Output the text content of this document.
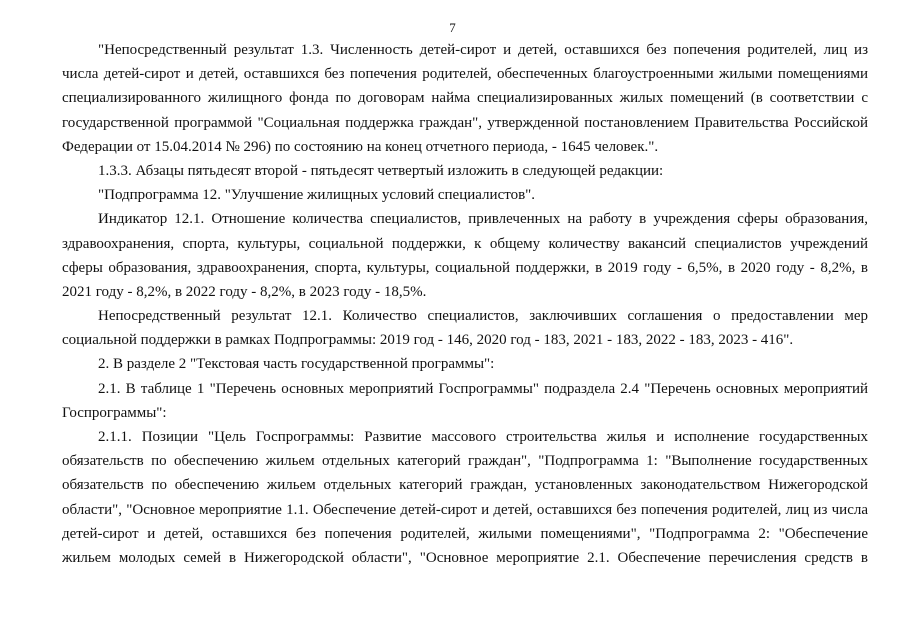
7
"Непосредственный результат 1.3. Численность детей-сирот и детей, оставшихся без попечения родителей, лиц из
числа детей-сирот и детей, оставшихся без попечения родителей, обеспеченных благоустроенными жилыми помещениями
специализированного жилищного фонда по договорам найма специализированных жилых помещений (в соответствии с
государственной программой "Социальная поддержка граждан", утвержденной постановлением Правительства Российской
Федерации от 15.04.2014 № 296) по состоянию на конец отчетного периода, - 1645 человек.".
1.3.3. Абзацы пятьдесят второй - пятьдесят четвертый изложить в следующей редакции:
"Подпрограмма 12. "Улучшение жилищных условий специалистов".
Индикатор 12.1. Отношение количества специалистов, привлеченных на работу в учреждения сферы образования,
здравоохранения, спорта, культуры, социальной поддержки, к общему количеству вакансий специалистов учреждений
сферы образования, здравоохранения, спорта, культуры, социальной поддержки, в 2019 году - 6,5%, в 2020 году - 8,2%, в
2021 году - 8,2%, в 2022 году - 8,2%, в 2023 году - 18,5%.
Непосредственный результат 12.1. Количество специалистов, заключивших соглашения о предоставлении мер
социальной поддержки в рамках Подпрограммы: 2019 год - 146, 2020 год - 183, 2021 - 183, 2022 - 183, 2023 - 416".
2. В разделе 2 "Текстовая часть государственной программы":
2.1. В таблице 1 "Перечень основных мероприятий Госпрограммы" подраздела 2.4 "Перечень основных мероприятий
Госпрограммы":
2.1.1. Позиции "Цель Госпрограммы: Развитие массового строительства жилья и исполнение государственных
обязательств по обеспечению жильем отдельных категорий граждан", "Подпрограмма 1: "Выполнение государственных
обязательств по обеспечению жильем отдельных категорий граждан, установленных законодательством Нижегородской
области", "Основное мероприятие 1.1. Обеспечение детей-сирот и детей, оставшихся без попечения родителей, лиц из числа
детей-сирот и детей, оставшихся без попечения родителей, жилыми помещениями", "Подпрограмма 2: "Обеспечение
жильем молодых семей в Нижегородской области", "Основное мероприятие 2.1. Обеспечение перечисления средств в
